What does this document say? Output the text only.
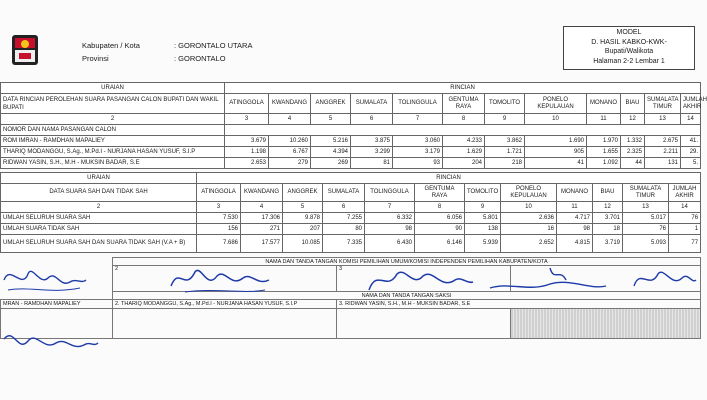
Kabupaten / Kota	: GORONTALO UTARA
Provinsi	: GORONTALO
MODEL
D. HASIL KABKO-KWK-
Bupati/Walikota
Halaman 2-2 Lembar 1
URAIAN	RINCIAN											
DATA RINCIAN PEROLEHAN SUARA PASANGAN CALON BUPATI DAN WAKIL BUPATI	ATINGGOLA	KWANDANG	ANGGREK	SUMALATA	TOLINGGULA	GENTUMA RAYA	TOMOLITO	PONELO KEPULAUAN	MONANO	BIAU	SUMALATA TIMUR	JUMLAH AKHIR
2	3	4	5	6	7	8	9	10	11	12	13	14
NOMOR DAN NAMA PASANGAN CALON												
ROM IMRAN - RAMDHAN MAPALIEY	3.679	10.260	5.216	3.875	3.060	4.233	3.862	1.690	1.970	1.332	2.675	41.
THARIQ MODANGGU, S.Ag., M.Pd.I - NURJANA HASAN YUSUF, S.I.P	1.198	6.767	4.394	3.299	3.179	1.629	1.721	905	1.655	2.325	2.211	29.
RIDWAN YASIN, S.H., M.H - MUKSIN BADAR, S.E	2.653	279	269	81	93	204	218	41	1.092	44	131	5.
URAIAN	RINCIAN											
DATA SUARA SAH DAN TIDAK SAH	ATINGGOLA	KWANDANG	ANGGREK	SUMALATA	TOLINGGULA	GENTUMA RAYA	TOMOLITO	PONELO KEPULAUAN	MONANO	BIAU	SUMALATA TIMUR	JUMLAH AKHIR
2	3	4	5	6	7	8	9	10	11	12	13	14
UMLAH SELURUH SUARA SAH	7.530	17.306	9.878	7.255	6.332	6.056	5.801	2.636	4.717	3.701	5.017	76
UMLAH SUARA TIDAK SAH	156	271	207	80	98	90	138	16	98	18	76	1
UMLAH SELURUH SUARA SAH DAN SUARA TIDAK SAH (V.A + B)	7.686	17.577	10.085	7.335	6.430	6.146	5.939	2.652	4.815	3.719	5.093	77
	NAMA DAN TANDA TANGAN KOMISI PEMILIHAN UMUM/KOMISI INDEPENDEN PEMILIHAN KABUPATEN/KOTA		
	2	3	
	NAMA DAN TANDA TANGAN SAKSI		
MRAN - RAMDHAN MAPALIEY	2. THARIQ MODANGGU, S.Ag., M.Pd.I - NURJANA HASAN YUSUF, S.I.P	3. RIDWAN YASIN, S.H., M.H - MUKSIN BADAR, S.E	
